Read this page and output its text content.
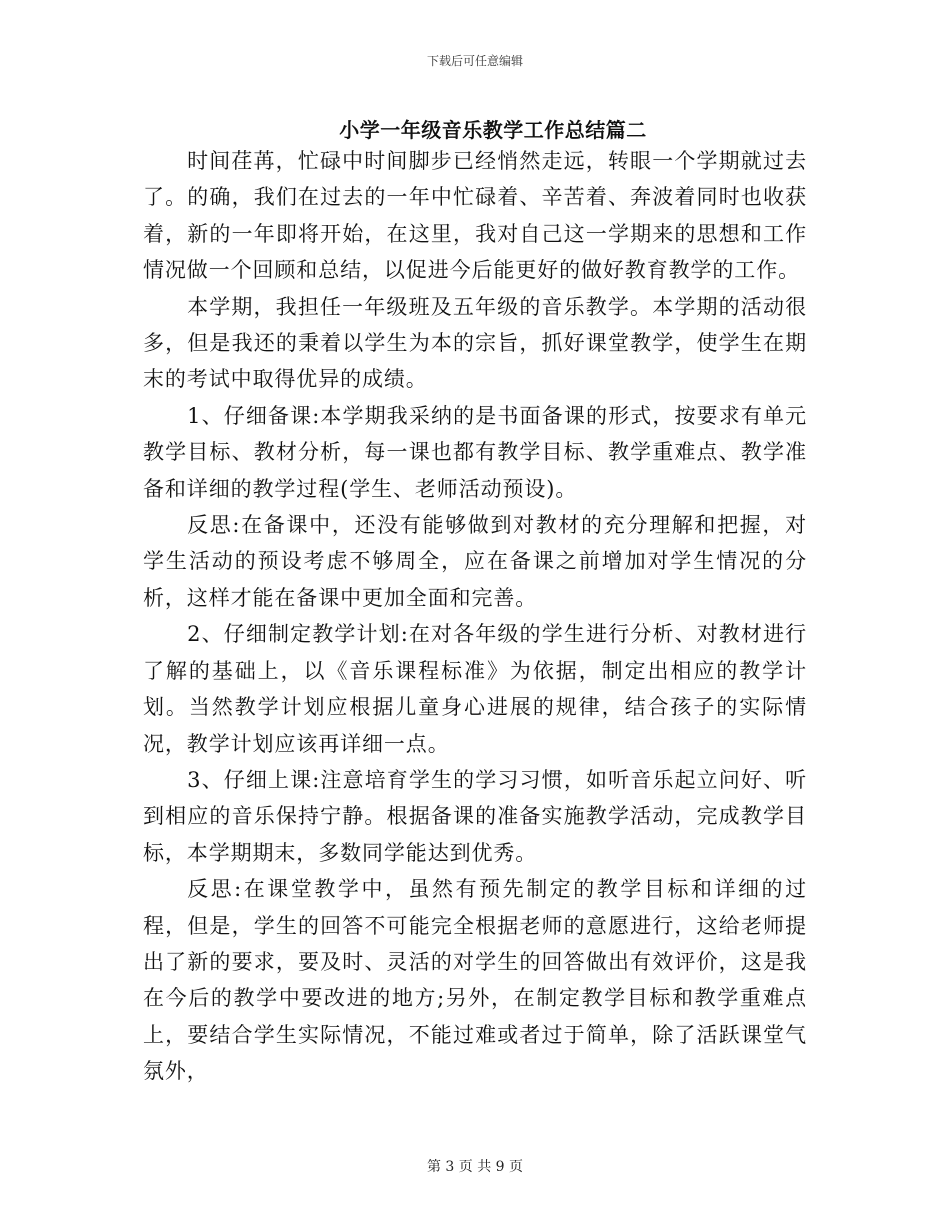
下载后可任意编辑
小学一年级音乐教学工作总结篇二

时间荏苒，忙碌中时间脚步已经悄然走远，转眼一个学期就过去了。的确，我们在过去的一年中忙碌着、辛苦着、奔波着同时也收获着，新的一年即将开始，在这里，我对自己这一学期来的思想和工作情况做一个回顾和总结，以促进今后能更好的做好教育教学的工作。

本学期，我担任一年级班及五年级的音乐教学。本学期的活动很多，但是我还的秉着以学生为本的宗旨，抓好课堂教学，使学生在期末的考试中取得优异的成绩。

1、仔细备课:本学期我采纳的是书面备课的形式，按要求有单元教学目标、教材分析，每一课也都有教学目标、教学重难点、教学准备和详细的教学过程(学生、老师活动预设)。

反思:在备课中，还没有能够做到对教材的充分理解和把握，对学生活动的预设考虑不够周全，应在备课之前增加对学生情况的分析，这样才能在备课中更加全面和完善。

2、仔细制定教学计划:在对各年级的学生进行分析、对教材进行了解的基础上，以《音乐课程标准》为依据，制定出相应的教学计划。当然教学计划应根据儿童身心进展的规律，结合孩子的实际情况，教学计划应该再详细一点。

3、仔细上课:注意培育学生的学习习惯，如听音乐起立问好、听到相应的音乐保持宁静。根据备课的准备实施教学活动，完成教学目标，本学期期末，多数同学能达到优秀。

反思:在课堂教学中，虽然有预先制定的教学目标和详细的过程，但是，学生的回答不可能完全根据老师的意愿进行，这给老师提出了新的要求，要及时、灵活的对学生的回答做出有效评价，这是我在今后的教学中要改进的地方;另外，在制定教学目标和教学重难点上，要结合学生实际情况，不能过难或者过于简单，除了活跃课堂气氛外，

第 3 页 共 9 页
